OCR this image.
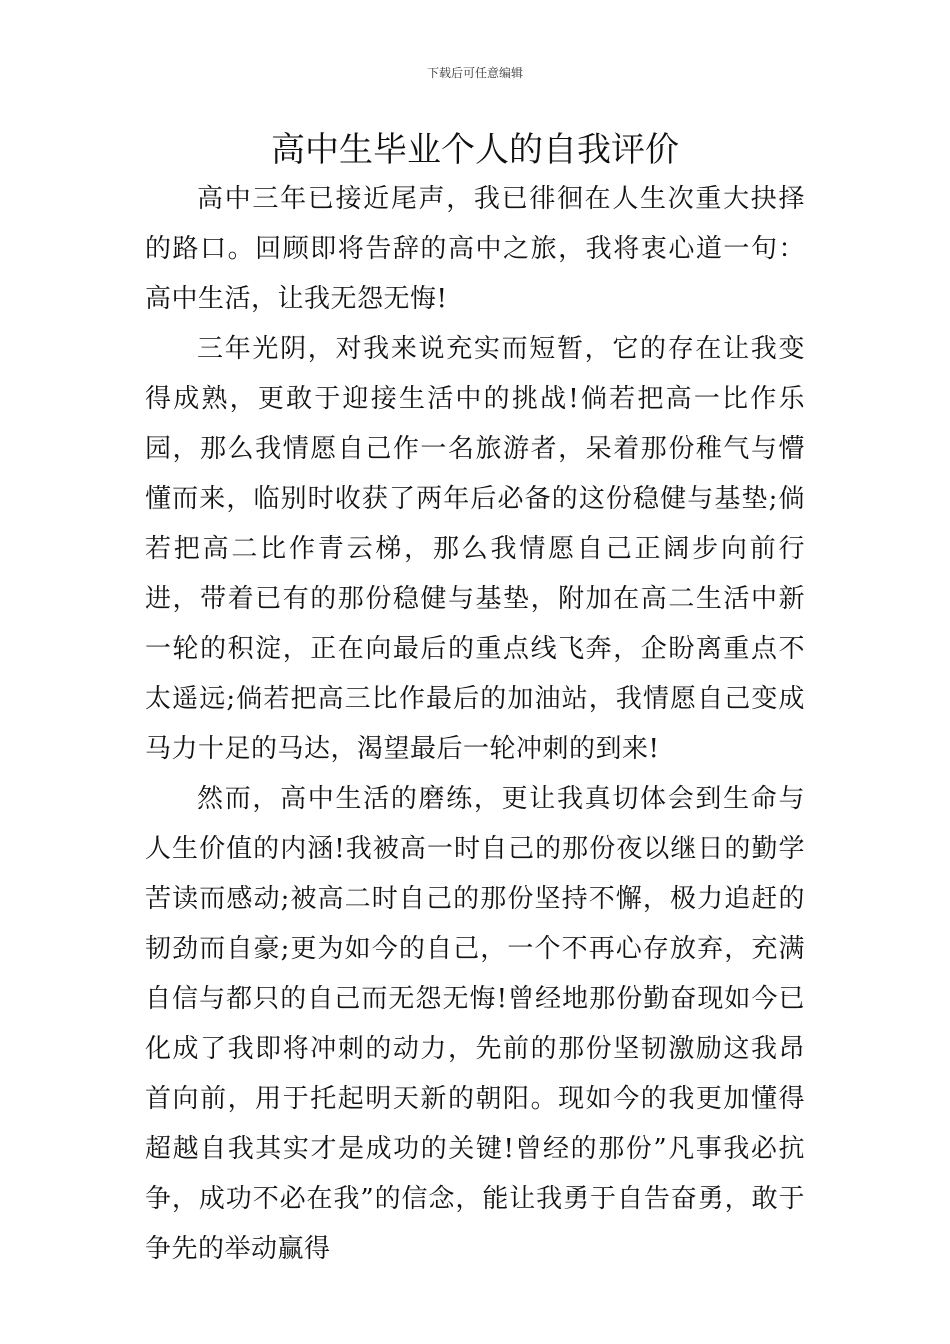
下载后可任意编辑
高中生毕业个人的自我评价

高中三年已接近尾声，我已徘徊在人生次重大抉择的路口。回顾即将告辞的高中之旅，我将衷心道一句：高中生活，让我无怨无悔!

三年光阴，对我来说充实而短暂，它的存在让我变得成熟，更敢于迎接生活中的挑战!倘若把高一比作乐园，那么我情愿自己作一名旅游者，呆着那份稚气与懵懂而来，临别时收获了两年后必备的这份稳健与基垫;倘若把高二比作青云梯，那么我情愿自己正阔步向前行进，带着已有的那份稳健与基垫，附加在高二生活中新一轮的积淀，正在向最后的重点线飞奔，企盼离重点不太遥远;倘若把高三比作最后的加油站，我情愿自己变成马力十足的马达，渴望最后一轮冲刺的到来!

然而，高中生活的磨练，更让我真切体会到生命与人生价值的内涵!我被高一时自己的那份夜以继日的勤学苦读而感动;被高二时自己的那份坚持不懈，极力追赶的韧劲而自豪;更为如今的自己，一个不再心存放弃，充满自信与都只的自己而无怨无悔!曾经地那份勤奋现如今已化成了我即将冲刺的动力，先前的那份坚韧激励这我昂首向前，用于托起明天新的朝阳。现如今的我更加懂得超越自我其实才是成功的关键!曾经的那份”凡事我必抗争，成功不必在我”的信念，能让我勇于自告奋勇，敢于争先的举动赢得
